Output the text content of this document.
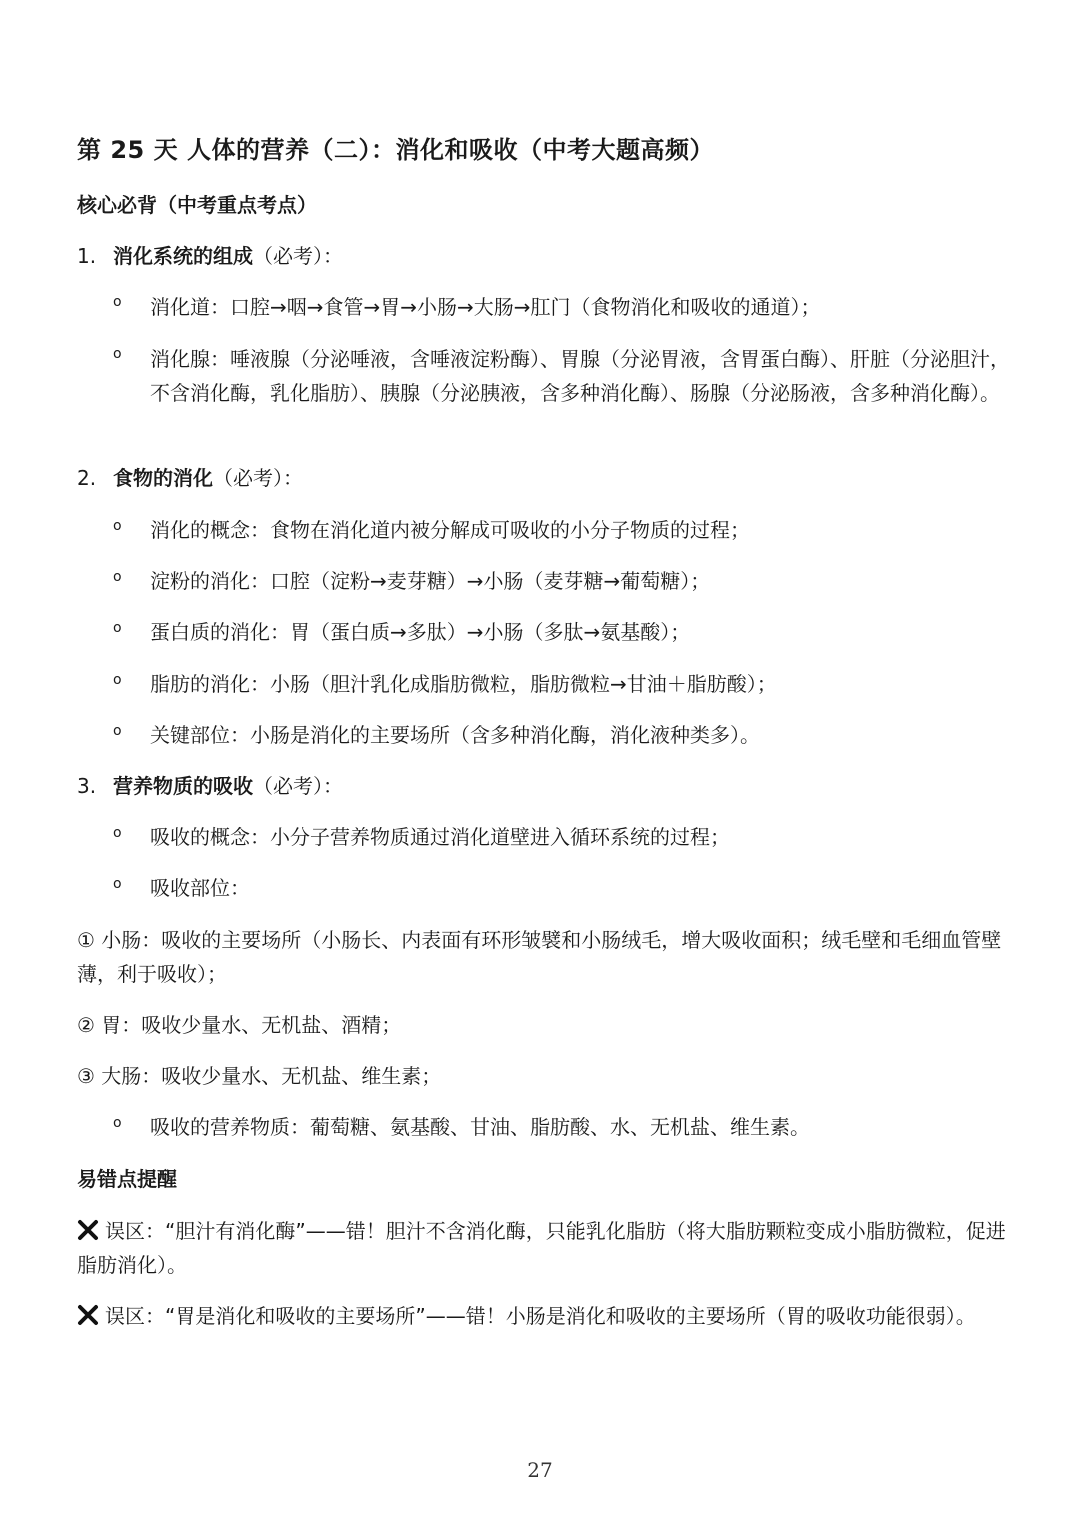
第 25 天 人体的营养（二）：消化和吸收（中考大题高频）
核心必背（中考重点考点）
1. 消化系统的组成（必考）：
o 消化道：口腔→咽→食管→胃→小肠→大肠→肛门（食物消化和吸收的通道）；
o 消化腺：唾液腺（分泌唾液，含唾液淀粉酶）、胃腺（分泌胃液，含胃蛋白酶）、肝脏（分泌胆汁，不含消化酶，乳化脂肪）、胰腺（分泌胰液，含多种消化酶）、肠腺（分泌肠液，含多种消化酶）。
2. 食物的消化（必考）：
o 消化的概念：食物在消化道内被分解成可吸收的小分子物质的过程；
o 淀粉的消化：口腔（淀粉→麦芽糖）→小肠（麦芽糖→葡萄糖）；
o 蛋白质的消化：胃（蛋白质→多肽）→小肠（多肽→氨基酸）；
o 脂肪的消化：小肠（胆汁乳化成脂肪微粒，脂肪微粒→甘油＋脂肪酸）；
o 关键部位：小肠是消化的主要场所（含多种消化酶，消化液种类多）。
3. 营养物质的吸收（必考）：
o 吸收的概念：小分子营养物质通过消化道壁进入循环系统的过程；
o 吸收部位：
① 小肠：吸收的主要场所（小肠长、内表面有环形皱襞和小肠绒毛，增大吸收面积；绒毛壁和毛细血管壁薄，利于吸收）；
② 胃：吸收少量水、无机盐、酒精；
③ 大肠：吸收少量水、无机盐、维生素；
o 吸收的营养物质：葡萄糖、氨基酸、甘油、脂肪酸、水、无机盐、维生素。
易错点提醒
误区：“胆汁有消化酶”——错！胆汁不含消化酶，只能乳化脂肪（将大脂肪颗粒变成小脂肪微粒，促进脂肪消化）。
误区：“胃是消化和吸收的主要场所”——错！小肠是消化和吸收的主要场所（胃的吸收功能很弱）。
27
